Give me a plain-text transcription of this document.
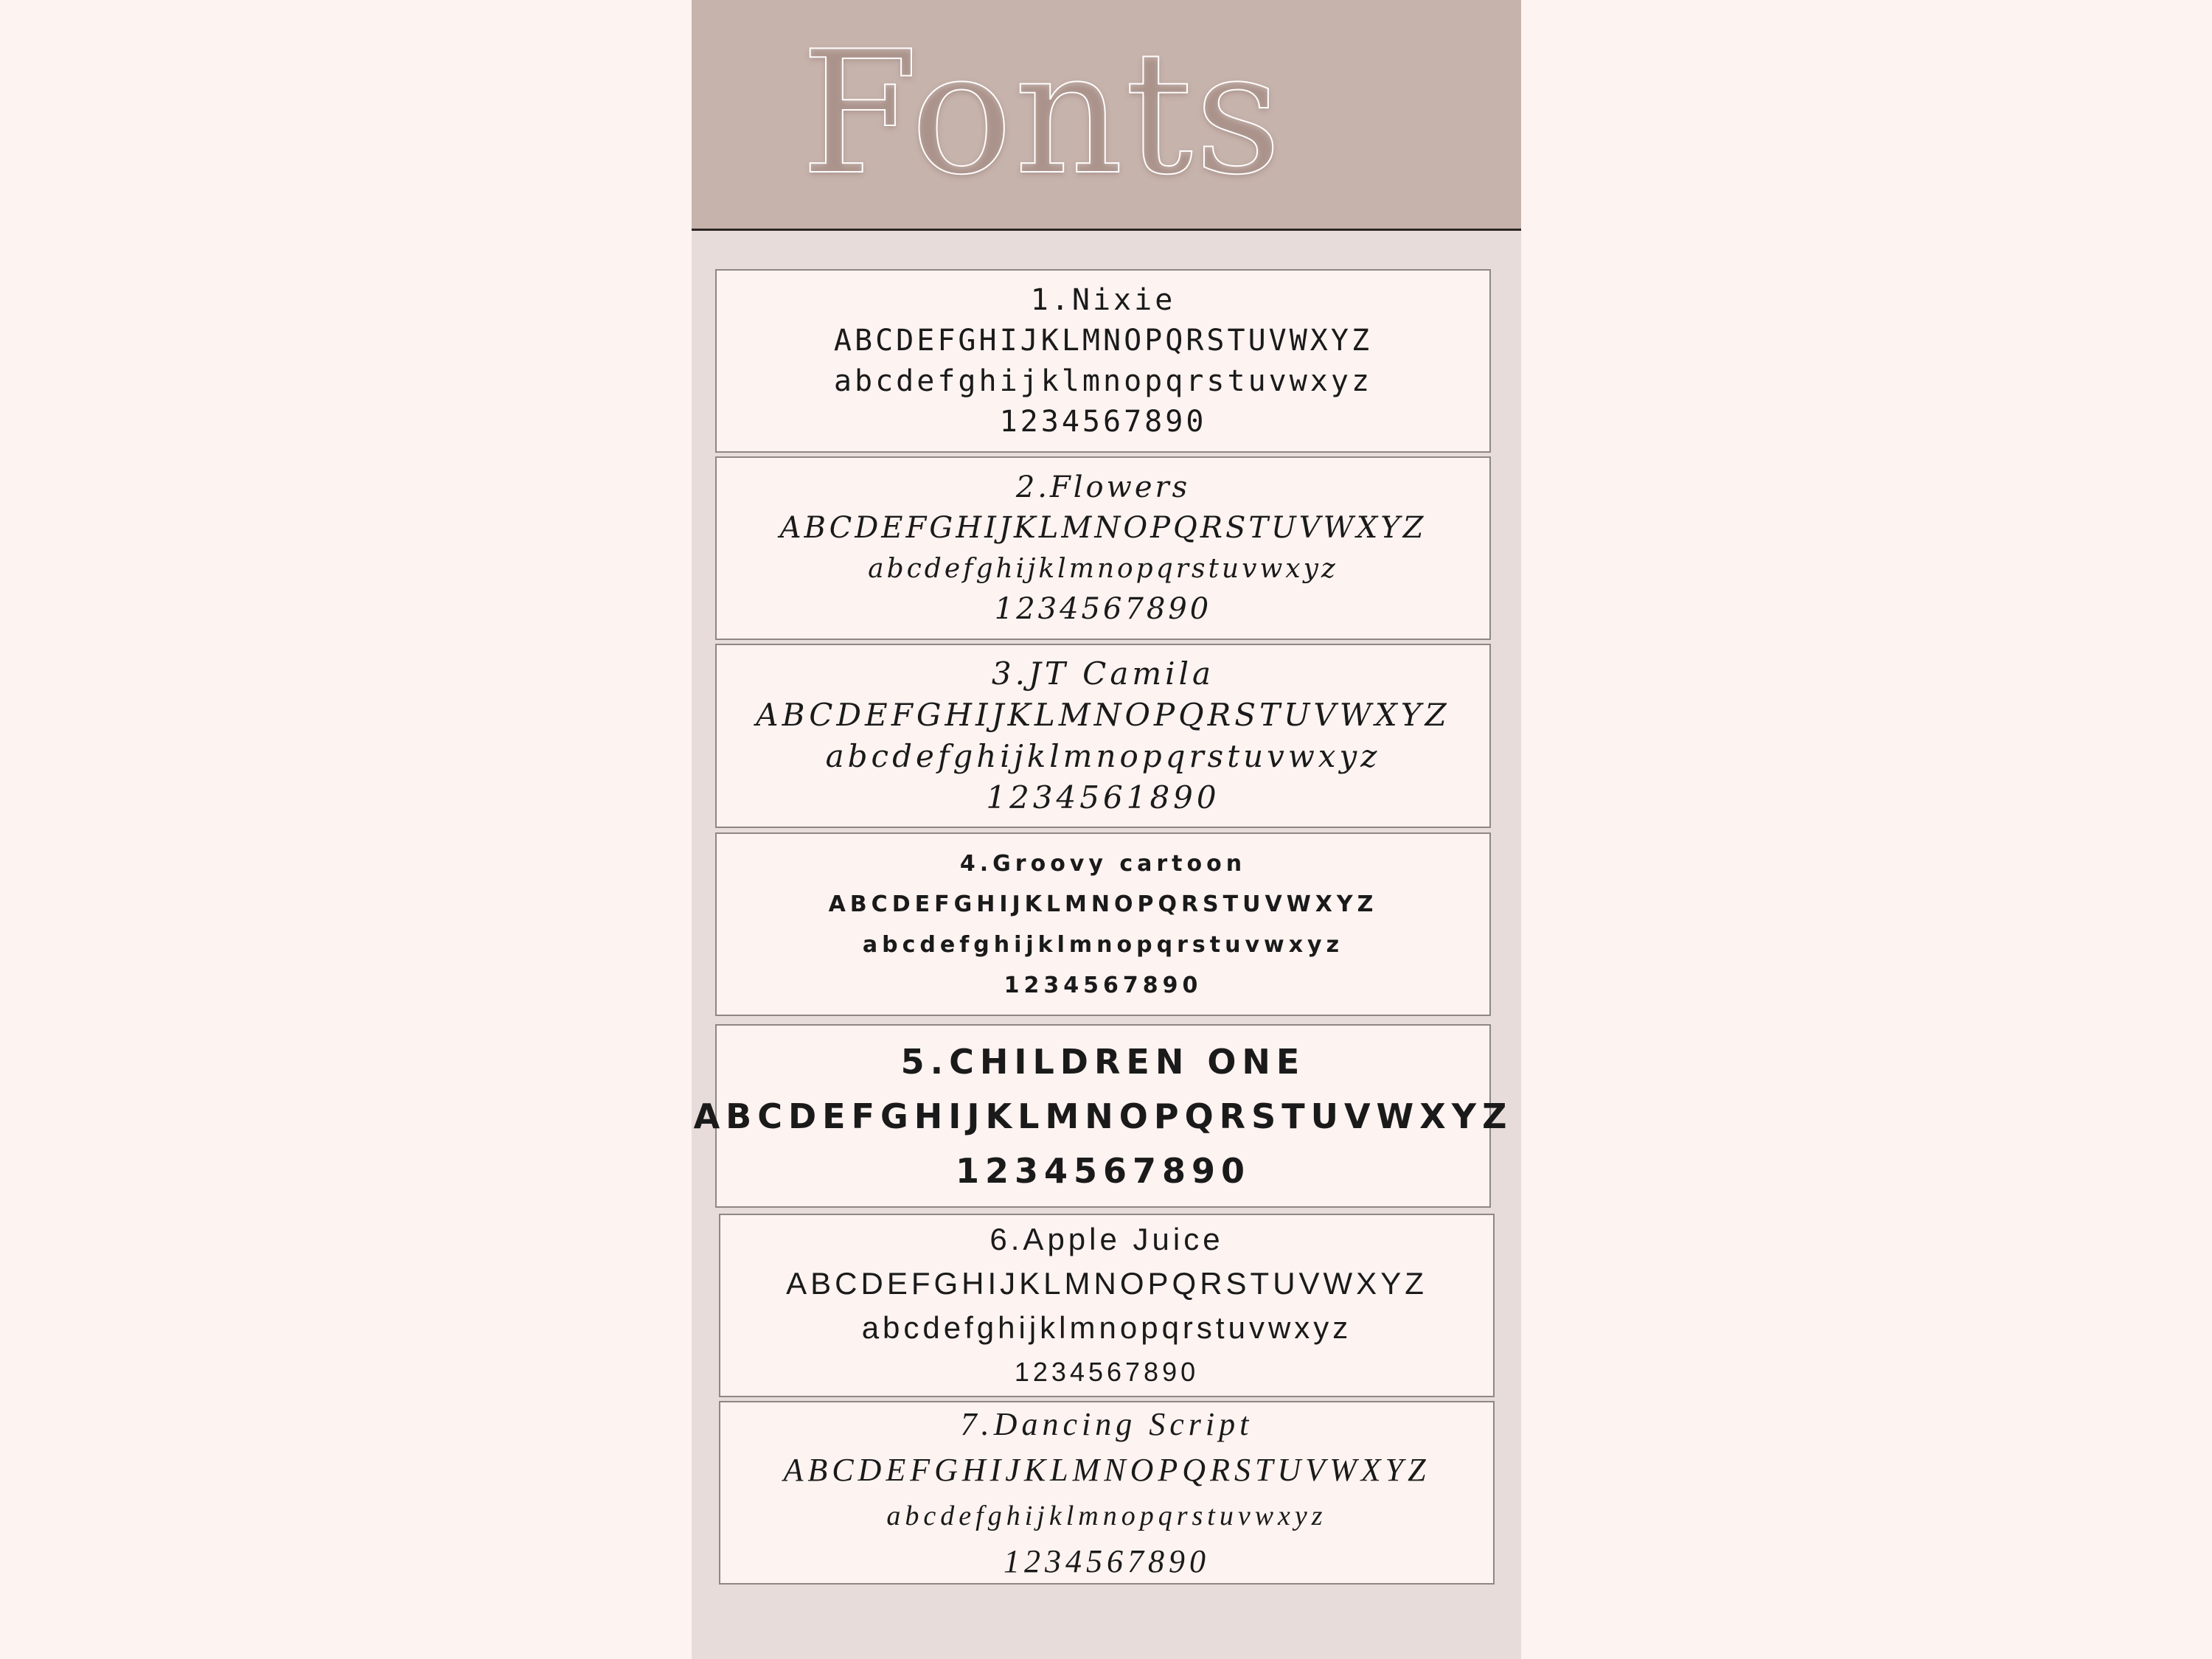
Fonts
1.Nixie
ABCDEFGHIJKLMNOPQRSTUVWXYZ
abcdefghijklmnopqrstuvwxyz
1234567890
2.Flowers
ABCDEFGHIJKLMNOPQRSTUVWXYZ
abcdefghijklmnopqrstuvwxyz
1234567890
3.JT Camila
ABCDEFGHIJKLMNOPQRSTUVWXYZ
abcdefghijklmnopqrstuvwxyz
1234561890
4.Groovy cartoon
ABCDEFGHIJKLMNOPQRSTUVWXYZ
abcdefghijklmnopqrstuvwxyz
1234567890
5.CHILDREN ONE
ABCDEFGHIJKLMNOPQRSTUVWXYZ
1234567890
6.Apple Juice
ABCDEFGHIJKLMNOPQRSTUVWXYZ
abcdefghijklmnopqrstuvwxyz
1234567890
7.Dancing Script
ABCDEFGHIJKLMNOPQRSTUVWXYZ
abcdefghijklmnopqrstuvwxyz
1234567890
